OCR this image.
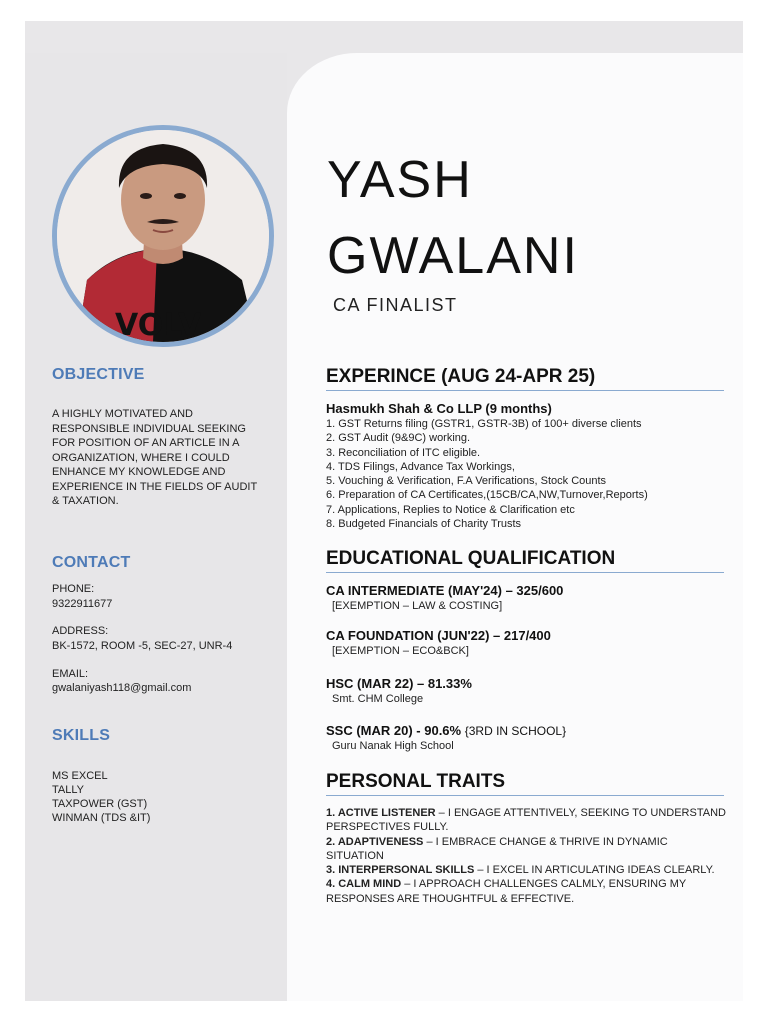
VOLV
OBJECTIVE
A HIGHLY MOTIVATED AND RESPONSIBLE INDIVIDUAL SEEKING FOR POSITION OF AN ARTICLE IN A ORGANIZATION, WHERE I COULD ENHANCE MY KNOWLEDGE AND EXPERIENCE IN THE FIELDS OF AUDIT & TAXATION.
CONTACT
PHONE:
9322911677
ADDRESS:
BK-1572, ROOM -5, SEC-27, UNR-4
EMAIL:
gwalaniyash118@gmail.com
SKILLS
MS EXCEL
TALLY
TAXPOWER (GST)
WINMAN (TDS &IT)
YASH
GWALANI
CA FINALIST
EXPERINCE (AUG 24-APR 25)
Hasmukh Shah & Co LLP (9 months)
1. GST Returns filing (GSTR1, GSTR-3B) of 100+ diverse clients
2. GST Audit (9&9C) working.
3. Reconciliation of ITC eligible.
4. TDS Filings, Advance Tax Workings,
5. Vouching & Verification, F.A Verifications, Stock Counts
6. Preparation of CA Certificates,(15CB/CA,NW,Turnover,Reports)
7. Applications, Replies to Notice & Clarification etc
8. Budgeted Financials of Charity Trusts
EDUCATIONAL QUALIFICATION
CA INTERMEDIATE (MAY'24) – 325/600
[EXEMPTION – LAW & COSTING]
CA FOUNDATION (JUN'22) – 217/400
[EXEMPTION – ECO&BCK]
HSC (MAR 22) – 81.33%
Smt. CHM College
SSC (MAR 20) - 90.6% {3RD IN SCHOOL}
Guru Nanak High School
PERSONAL TRAITS
1. ACTIVE LISTENER – I ENGAGE ATTENTIVELY, SEEKING TO UNDERSTAND PERSPECTIVES FULLY.
2. ADAPTIVENESS – I EMBRACE CHANGE & THRIVE IN DYNAMIC SITUATION
3. INTERPERSONAL SKILLS – I EXCEL IN ARTICULATING IDEAS CLEARLY.
4. CALM MIND – I APPROACH CHALLENGES CALMLY, ENSURING MY RESPONSES ARE THOUGHTFUL & EFFECTIVE.
